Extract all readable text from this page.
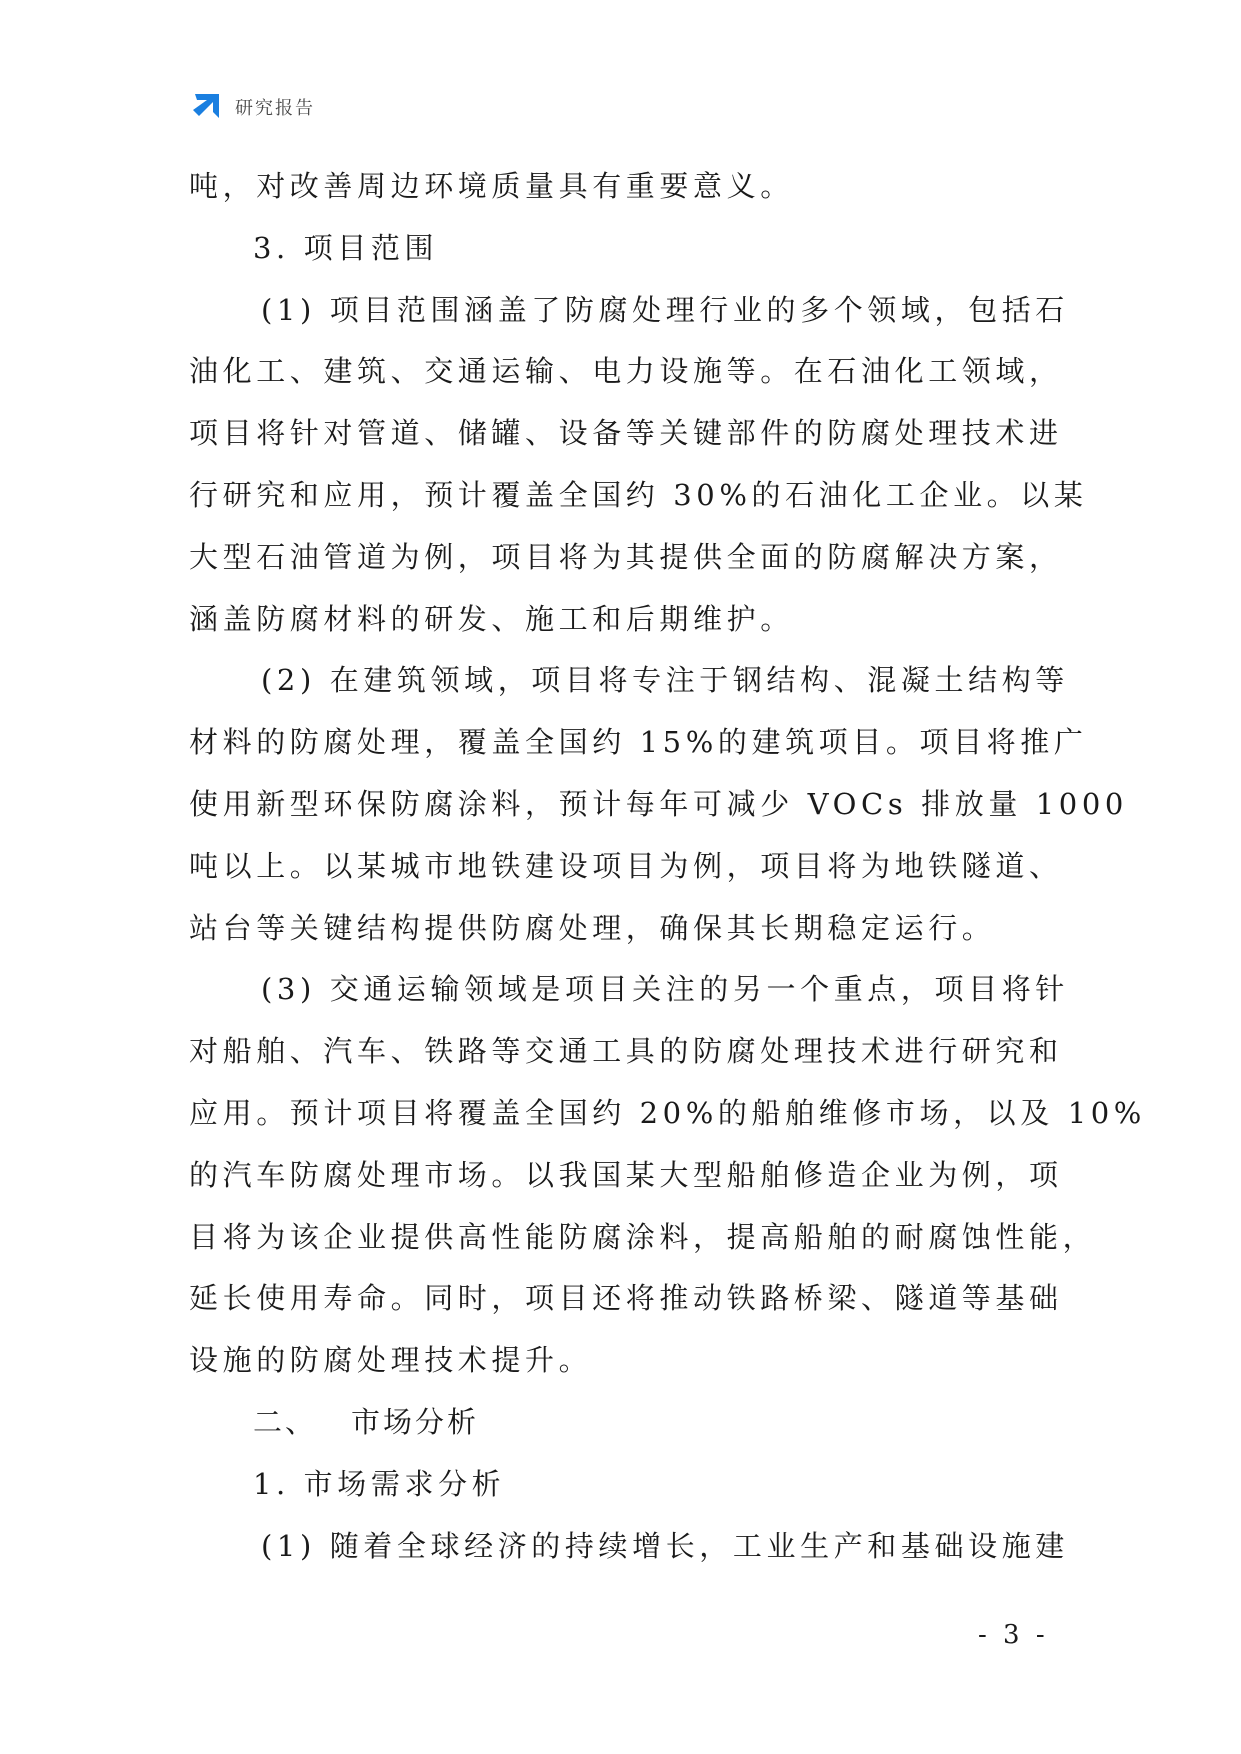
研究报告
吨，对改善周边环境质量具有重要意义。
3. 项目范围
(1) 项目范围涵盖了防腐处理行业的多个领域，包括石
油化工、建筑、交通运输、电力设施等。在石油化工领域，
项目将针对管道、储罐、设备等关键部件的防腐处理技术进
行研究和应用，预计覆盖全国约 30%的石油化工企业。以某
大型石油管道为例，项目将为其提供全面的防腐解决方案，
涵盖防腐材料的研发、施工和后期维护。
(2) 在建筑领域，项目将专注于钢结构、混凝土结构等
材料的防腐处理，覆盖全国约 15%的建筑项目。项目将推广
使用新型环保防腐涂料，预计每年可减少 VOCs 排放量 1000
吨以上。以某城市地铁建设项目为例，项目将为地铁隧道、
站台等关键结构提供防腐处理，确保其长期稳定运行。
(3) 交通运输领域是项目关注的另一个重点，项目将针
对船舶、汽车、铁路等交通工具的防腐处理技术进行研究和
应用。预计项目将覆盖全国约 20%的船舶维修市场，以及 10%
的汽车防腐处理市场。以我国某大型船舶修造企业为例，项
目将为该企业提供高性能防腐涂料，提高船舶的耐腐蚀性能，
延长使用寿命。同时，项目还将推动铁路桥梁、隧道等基础
设施的防腐处理技术提升。
二、 市场分析
1. 市场需求分析
(1) 随着全球经济的持续增长，工业生产和基础设施建
- 3 -
